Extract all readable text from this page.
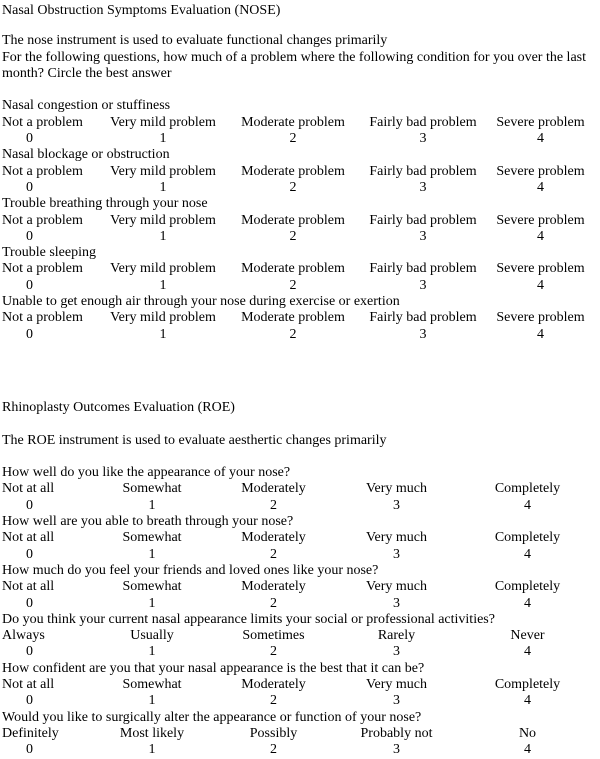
Nasal Obstruction Symptoms Evaluation (NOSE)
The nose instrument is used to evaluate functional changes primarily
For the following questions, how much of a problem where the following condition for you over the last month? Circle the best answer
Nasal congestion or stuffiness
Not a problem	Very mild problem	Moderate problem	Fairly bad problem	Severe problem
0	1	2	3	4
Nasal blockage or obstruction
Not a problem	Very mild problem	Moderate problem	Fairly bad problem	Severe problem
0	1	2	3	4
Trouble breathing through your nose
Not a problem	Very mild problem	Moderate problem	Fairly bad problem	Severe problem
0	1	2	3	4
Trouble sleeping
Not a problem	Very mild problem	Moderate problem	Fairly bad problem	Severe problem
0	1	2	3	4
Unable to get enough air through your nose during exercise or exertion
Not a problem	Very mild problem	Moderate problem	Fairly bad problem	Severe problem
0	1	2	3	4
Rhinoplasty Outcomes Evaluation (ROE)
The ROE instrument is used to evaluate aesthertic changes primarily
How well do you like the appearance of your nose?
Not at all	Somewhat	Moderately	Very much	Completely
0	1	2	3	4
How well are you able to breath through your nose?
Not at all	Somewhat	Moderately	Very much	Completely
0	1	2	3	4
How much do you feel your friends and loved ones like your nose?
Not at all	Somewhat	Moderately	Very much	Completely
0	1	2	3	4
Do you think your current nasal appearance limits your social or professional activities?
Always	Usually	Sometimes	Rarely	Never
0	1	2	3	4
How confident are you that your nasal appearance is the best that it can be?
Not at all	Somewhat	Moderately	Very much	Completely
0	1	2	3	4
Would you like to surgically alter the appearance or function of your nose?
Definitely	Most likely	Possibly	Probably not	No
0	1	2	3	4
